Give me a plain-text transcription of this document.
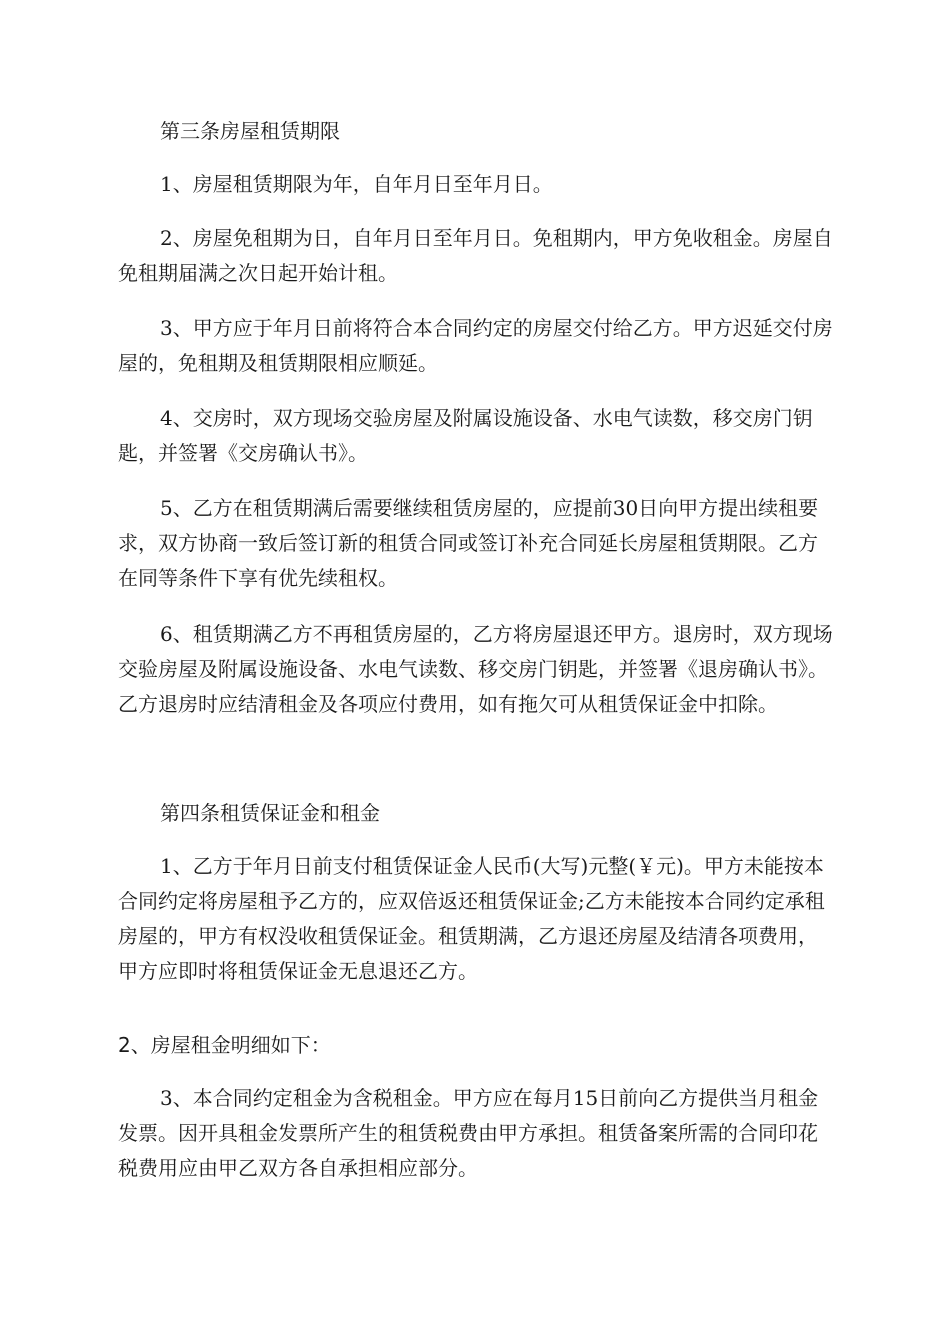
第三条房屋租赁期限

1、房屋租赁期限为年，自年月日至年月日。

2、房屋免租期为日，自年月日至年月日。免租期内，甲方免收租金。房屋自免租期届满之次日起开始计租。

3、甲方应于年月日前将符合本合同约定的房屋交付给乙方。甲方迟延交付房屋的，免租期及租赁期限相应顺延。

4、交房时，双方现场交验房屋及附属设施设备、水电气读数，移交房门钥匙，并签署《交房确认书》。

5、乙方在租赁期满后需要继续租赁房屋的，应提前30日向甲方提出续租要求，双方协商一致后签订新的租赁合同或签订补充合同延长房屋租赁期限。乙方在同等条件下享有优先续租权。

6、租赁期满乙方不再租赁房屋的，乙方将房屋退还甲方。退房时，双方现场交验房屋及附属设施设备、水电气读数、移交房门钥匙，并签署《退房确认书》。乙方退房时应结清租金及各项应付费用，如有拖欠可从租赁保证金中扣除。

第四条租赁保证金和租金

1、乙方于年月日前支付租赁保证金人民币(大写)元整(￥元)。甲方未能按本合同约定将房屋租予乙方的，应双倍返还租赁保证金;乙方未能按本合同约定承租房屋的，甲方有权没收租赁保证金。租赁期满，乙方退还房屋及结清各项费用，甲方应即时将租赁保证金无息退还乙方。

2、房屋租金明细如下：

3、本合同约定租金为含税租金。甲方应在每月15日前向乙方提供当月租金发票。因开具租金发票所产生的租赁税费由甲方承担。租赁备案所需的合同印花税费用应由甲乙双方各自承担相应部分。
